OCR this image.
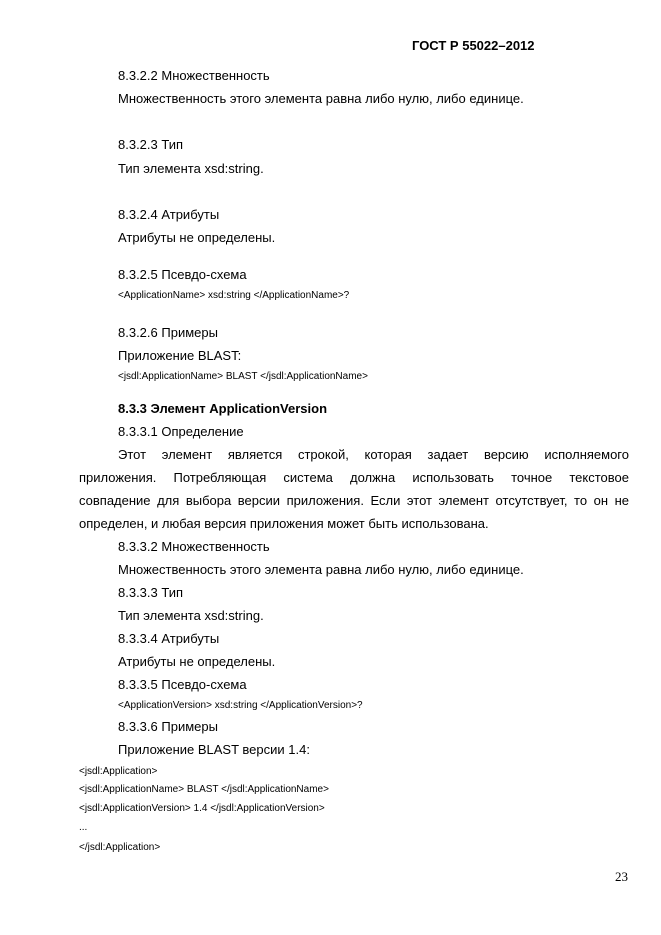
ГОСТ Р 55022–2012
8.3.2.2 Множественность
Множественность этого элемента равна либо нулю, либо единице.
8.3.2.3 Тип
Тип элемента xsd:string.
8.3.2.4 Атрибуты
Атрибуты не определены.
8.3.2.5 Псевдо-схема
<ApplicationName> xsd:string </ApplicationName>?
8.3.2.6 Примеры
Приложение BLAST:
<jsdl:ApplicationName> BLAST </jsdl:ApplicationName>
8.3.3 Элемент ApplicationVersion
8.3.3.1 Определение
Этот элемент является строкой, которая задает версию исполняемого
приложения. Потребляющая система должна использовать точное текстовое
совпадение для выбора версии приложения. Если этот элемент отсутствует, то он не
определен, и любая версия приложения может быть использована.
8.3.3.2 Множественность
Множественность этого элемента равна либо нулю, либо единице.
8.3.3.3 Тип
Тип элемента xsd:string.
8.3.3.4 Атрибуты
Атрибуты не определены.
8.3.3.5 Псевдо-схема
<ApplicationVersion> xsd:string </ApplicationVersion>?
8.3.3.6 Примеры
Приложение BLAST версии 1.4:
<jsdl:Application>
<jsdl:ApplicationName> BLAST </jsdl:ApplicationName>
<jsdl:ApplicationVersion> 1.4 </jsdl:ApplicationVersion>
...
</jsdl:Application>
23
